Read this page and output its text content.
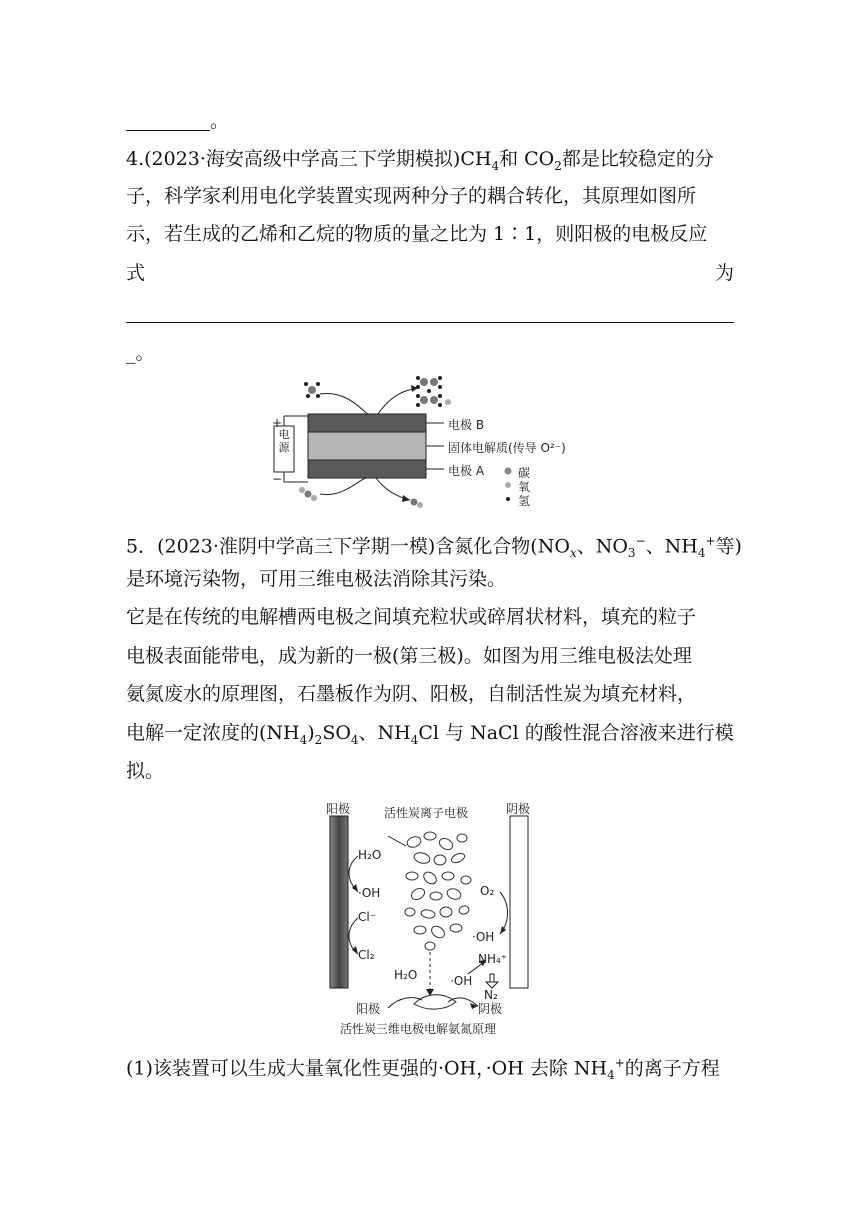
。
4.(2023·海安高级中学高三下学期模拟)$CH_4$和 $CO_2$都是比较稳定的分
子，科学家利用电化学装置实现两种分子的耦合转化，其原理如图所
示，若生成的乙烯和乙烷的物质的量之比为 1∶1，则阳极的电极反应
式	为
_。
电源
+
−
电极 B
固体电解质(传导 O²⁻)
电极 A	碳
氧
氢
5．(2023·淮阴中学高三下学期一模)含氮化合物($NO_x$、$NO_3^-$、$NH_4^+$等)
是环境污染物，可用三维电极法消除其污染。
它是在传统的电解槽两电极之间填充粒状或碎屑状材料，填充的粒子
电极表面能带电，成为新的一极(第三极)。如图为用三维电极法处理
氨氮废水的原理图，石墨板作为阴、阳极，自制活性炭为填充材料，
电解一定浓度的$(NH_4)_2SO_4$、$NH_4Cl$ 与 NaCl 的酸性混合溶液来进行模
拟。
阳极	阴极
活性炭离子电极
H₂O
·OH
Cl⁻
Cl₂
O₂
·OH
NH₄⁺
N₂
H₂O	·OH
阳极	阴极
活性炭三维电极电解氨氮原理
(1)该装置可以生成大量氧化性更强的·OH，·OH 去除 $NH_4^+$的离子方程
